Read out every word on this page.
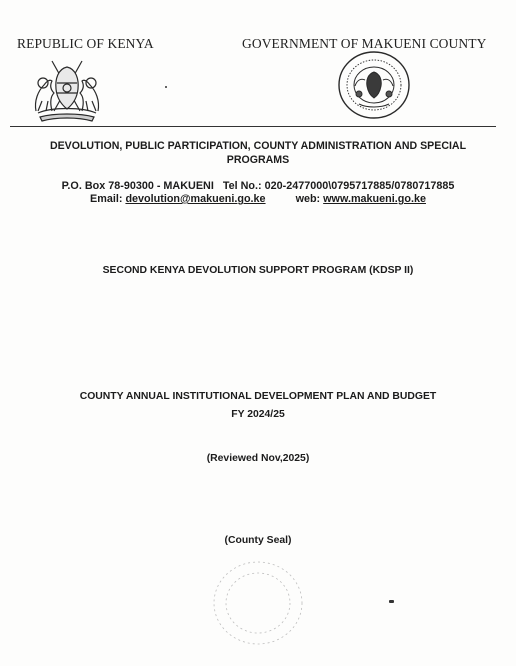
REPUBLIC OF KENYA	GOVERNMENT OF MAKUENI COUNTY
DEVOLUTION, PUBLIC PARTICIPATION, COUNTY ADMINISTRATION AND SPECIAL
PROGRAMS
P.O. Box 78-90300 - MAKUENI Tel No.: 020-2477000\0795717885/0780717885
Email: devolution@makueni.go.ke	web: www.makueni.go.ke
SECOND KENYA DEVOLUTION SUPPORT PROGRAM (KDSP II)
COUNTY ANNUAL INSTITUTIONAL DEVELOPMENT PLAN AND BUDGET
FY 2024/25
(Reviewed Nov,2025)
(County Seal)
